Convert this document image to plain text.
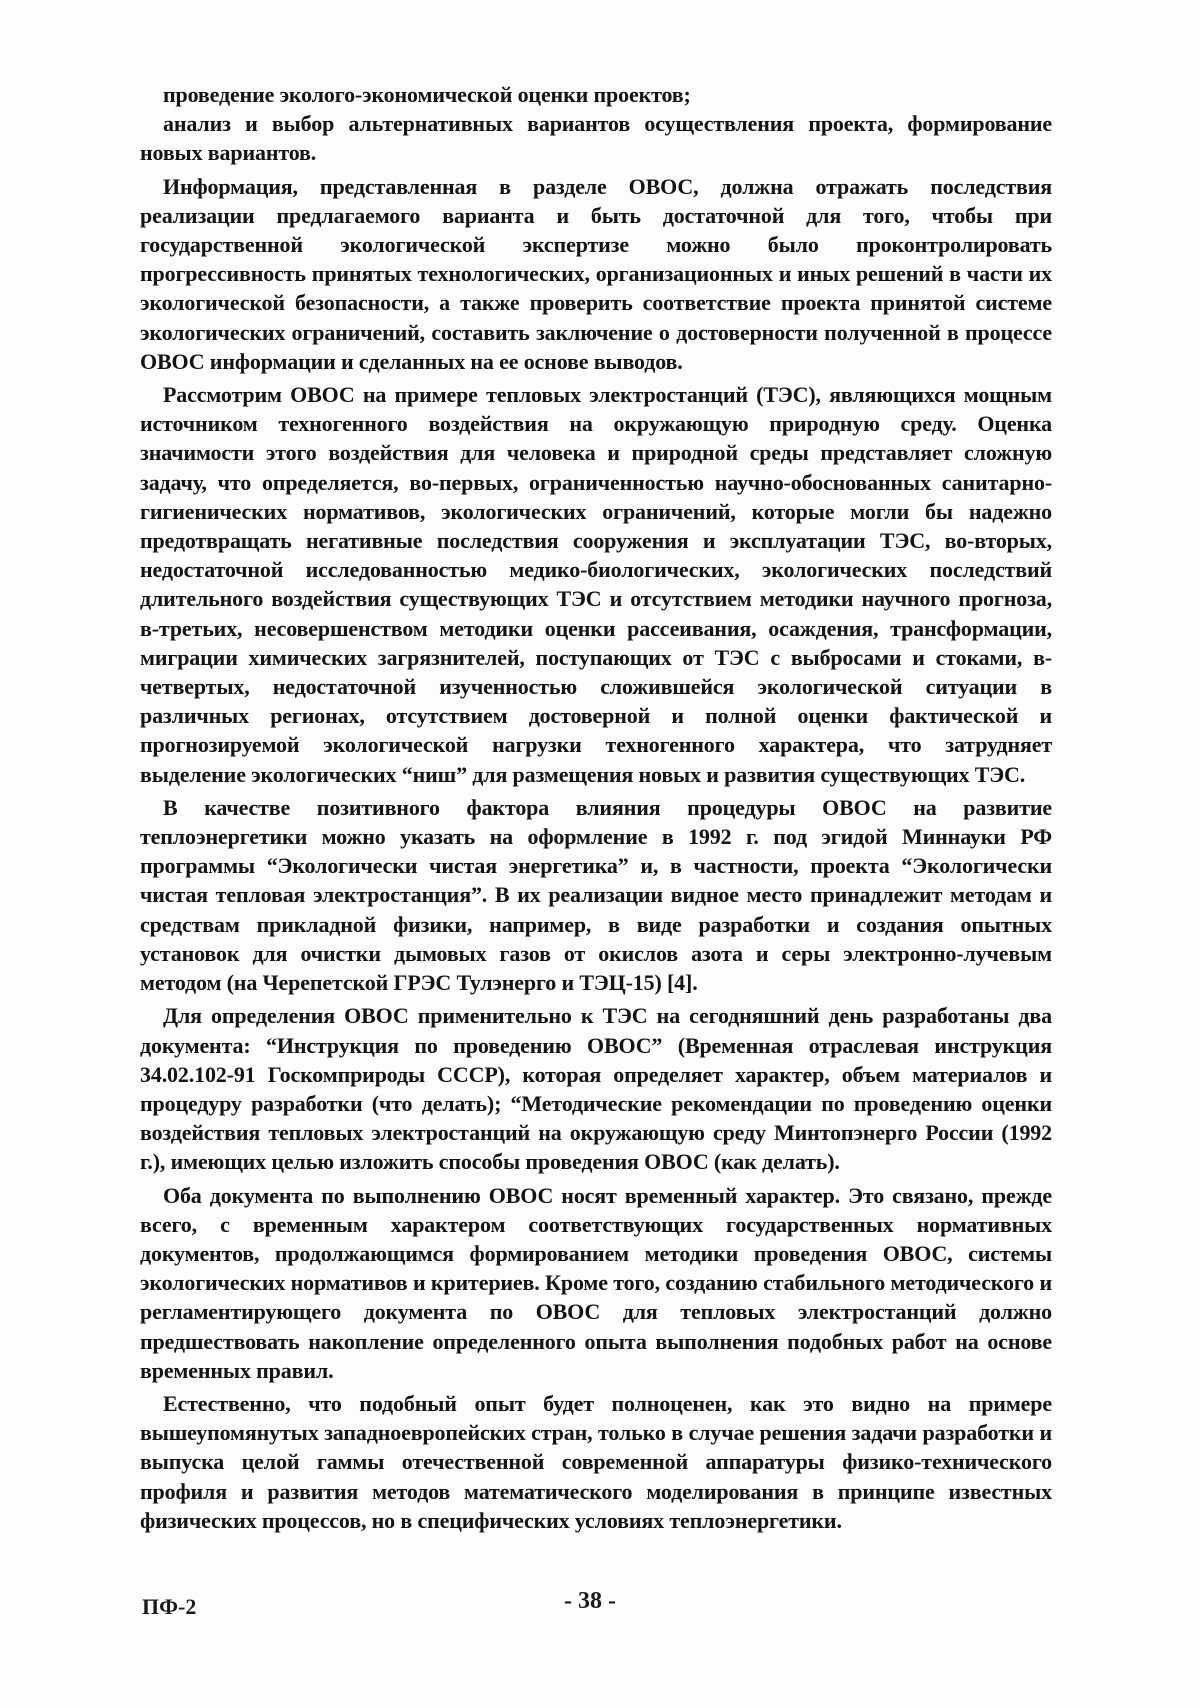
проведение эколого-экономической оценки проектов;

анализ и выбор альтернативных вариантов осуществления проекта, формирование новых вариантов.

Информация, представленная в разделе ОВОС, должна отражать последствия реализации предлагаемого варианта и быть достаточной для того, чтобы при государственной экологической экспертизе можно было проконтролировать прогрессивность принятых технологических, организационных и иных решений в части их экологической безопасности, а также проверить соответствие проекта принятой системе экологических ограничений, составить заключение о достоверности полученной в процессе ОВОС информации и сделанных на ее основе выводов.

Рассмотрим ОВОС на примере тепловых электростанций (ТЭС), являющихся мощным источником техногенного воздействия на окружающую природную среду. Оценка значимости этого воздействия для человека и природной среды представляет сложную задачу, что определяется, во-первых, ограниченностью научно-обоснованных санитарно-гигиенических нормативов, экологических ограничений, которые могли бы надежно предотвращать негативные последствия сооружения и эксплуатации ТЭС, во-вторых, недостаточной исследованностью медико-биологических, экологических последствий длительного воздействия существующих ТЭС и отсутствием методики научного прогноза, в-третьих, несовершенством методики оценки рассеивания, осаждения, трансформации, миграции химических загрязнителей, поступающих от ТЭС с выбросами и стоками, в-четвертых, недостаточной изученностью сложившейся экологической ситуации в различных регионах, отсутствием достоверной и полной оценки фактической и прогнозируемой экологической нагрузки техногенного характера, что затрудняет выделение экологических “ниш” для размещения новых и развития существующих ТЭС.

В качестве позитивного фактора влияния процедуры ОВОС на развитие теплоэнергетики можно указать на оформление в 1992 г. под эгидой Миннауки РФ программы “Экологически чистая энергетика” и, в частности, проекта “Экологически чистая тепловая электростанция”. В их реализации видное место принадлежит методам и средствам прикладной физики, например, в виде разработки и создания опытных установок для очистки дымовых газов от окислов азота и серы электронно-лучевым методом (на Черепетской ГРЭС Тулэнерго и ТЭЦ-15) [4].

Для определения ОВОС применительно к ТЭС на сегодняшний день разработаны два документа: “Инструкция по проведению ОВОС” (Временная отраслевая инструкция 34.02.102-91 Госкомприроды СССР), которая определяет характер, объем материалов и процедуру разработки (что делать); “Методические рекомендации по проведению оценки воздействия тепловых электростанций на окружающую среду Минтопэнерго России (1992 г.), имеющих целью изложить способы проведения ОВОС (как делать).

Оба документа по выполнению ОВОС носят временный характер. Это связано, прежде всего, с временным характером соответствующих государственных нормативных документов, продолжающимся формированием методики проведения ОВОС, системы экологических нормативов и критериев. Кроме того, созданию стабильного методического и регламентирующего документа по ОВОС для тепловых электростанций должно предшествовать накопление определенного опыта выполнения подобных работ на основе временных правил.

Естественно, что подобный опыт будет полноценен, как это видно на примере вышеупомянутых западноевропейских стран, только в случае решения задачи разработки и выпуска целой гаммы отечественной современной аппаратуры физико-технического профиля и развития методов математического моделирования в принципе известных физических процессов, но в специфических условиях теплоэнергетики.

ПФ-2	- 38 -
